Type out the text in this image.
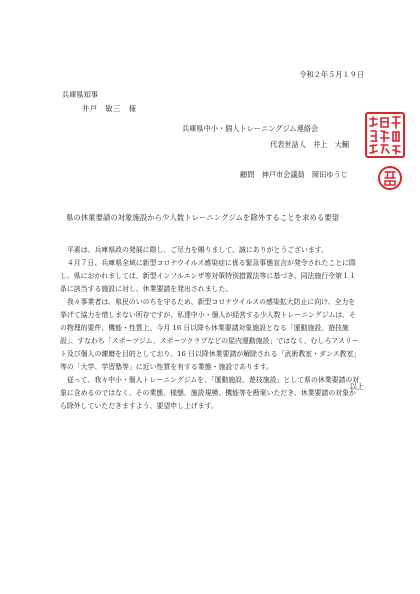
令和２年５月１９日
兵庫県知事
井戸　敏三　様
兵庫県中小・個人トレーニングジム連絡会
代表世話人　井上　大輔
顧問　神戸市会議員　岡田ゆうじ
県の休業要請の対象施設から少人数トレーニングジムを除外することを求める要望

平素は、兵庫県政の発展に際し、ご尽力を賜りまして、誠にありがとうございます。

４月７日、兵庫県全域に新型コロナウイルス感染症に係る緊急事態宣言が発令されたことに際し、県におかれましては、新型インフルエンザ等対策特別措置法等に基づき、同法施行令第１１条に該当する施設に対し、休業要請を発出されました。

我々事業者は、県民のいのちを守るため、新型コロナウイルスの感染拡大防止に向け、全力を挙げて協力を惜しまない所存ですが、私達中小・個人が経営する少人数トレーニングジムは、その物理的要件、機能・性質上、今月 16 日以降も休業要請対象施設となる「運動施設、遊技施設」、すなわち「スポーツジム、スポーツクラブなどの屋内運動施設」ではなく、むしろアスリート及び個人の練磨を目的としており、16 日以降休業要請が解除される「武術教室・ダンス教室」等の「大学、学習塾等」に近い性質を有する業態・施設であります。

従って、我々中小・個人トレーニングジムを、「運動施設、遊技施設」として県の休業要請の対象に含めるのではなく、その業態、様態、施設規模、機能等を勘案いただき、休業要請の対象から除外していただきますよう、要望申し上げます。

以上
